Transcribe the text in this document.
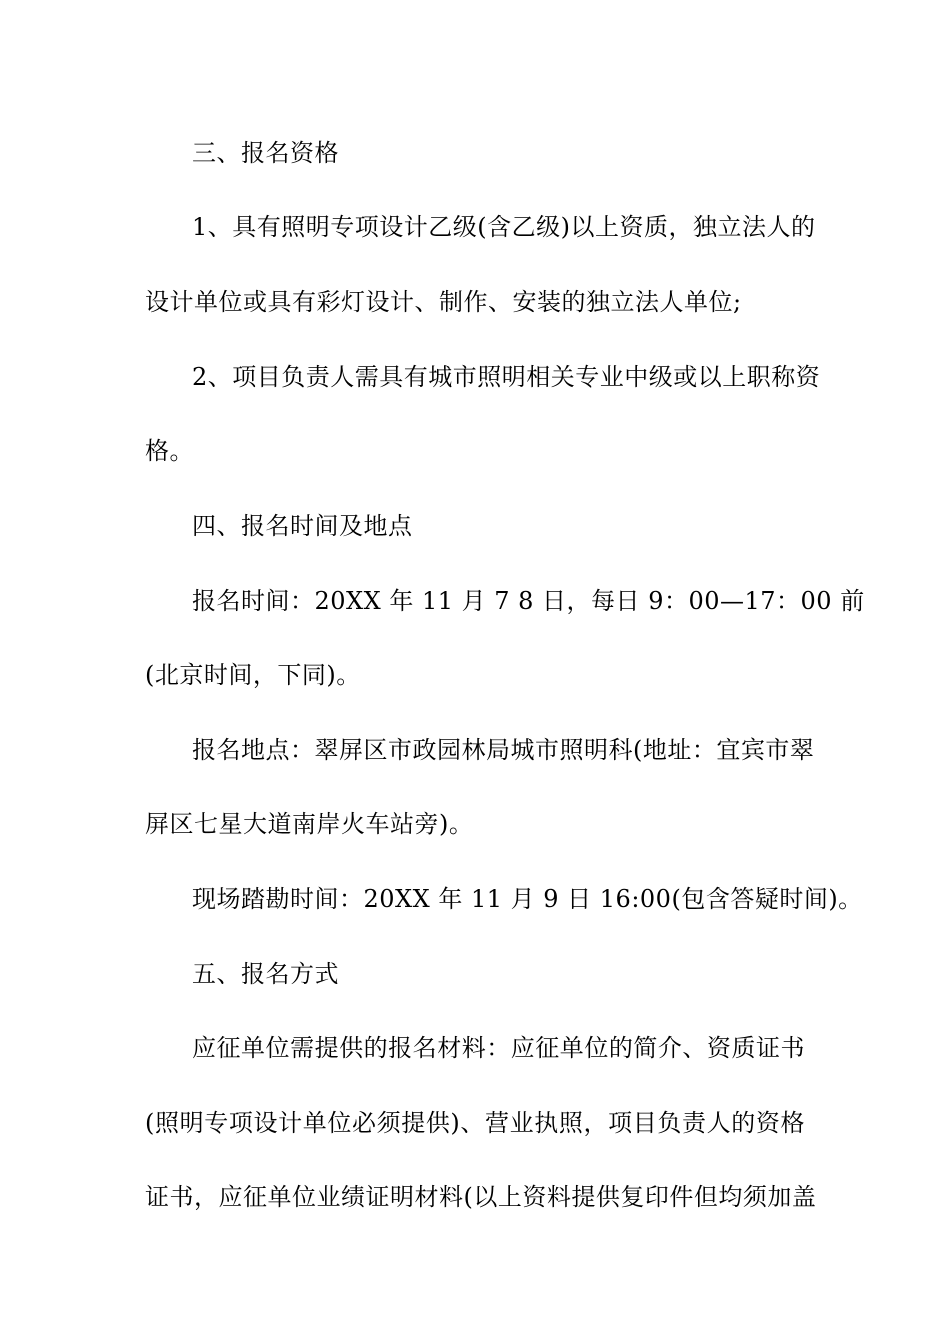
三、报名资格
1、具有照明专项设计乙级(含乙级)以上资质，独立法人的
设计单位或具有彩灯设计、制作、安装的独立法人单位;
2、项目负责人需具有城市照明相关专业中级或以上职称资
格。
四、报名时间及地点
报名时间：20XX 年 11 月 7 8 日，每日 9：00—17：00 前
(北京时间，下同)。
报名地点：翠屏区市政园林局城市照明科(地址：宜宾市翠
屏区七星大道南岸火车站旁)。
现场踏勘时间：20XX 年 11 月 9 日 16:00(包含答疑时间)。
五、报名方式
应征单位需提供的报名材料：应征单位的简介、资质证书
(照明专项设计单位必须提供)、营业执照，项目负责人的资格
证书，应征单位业绩证明材料(以上资料提供复印件但均须加盖
